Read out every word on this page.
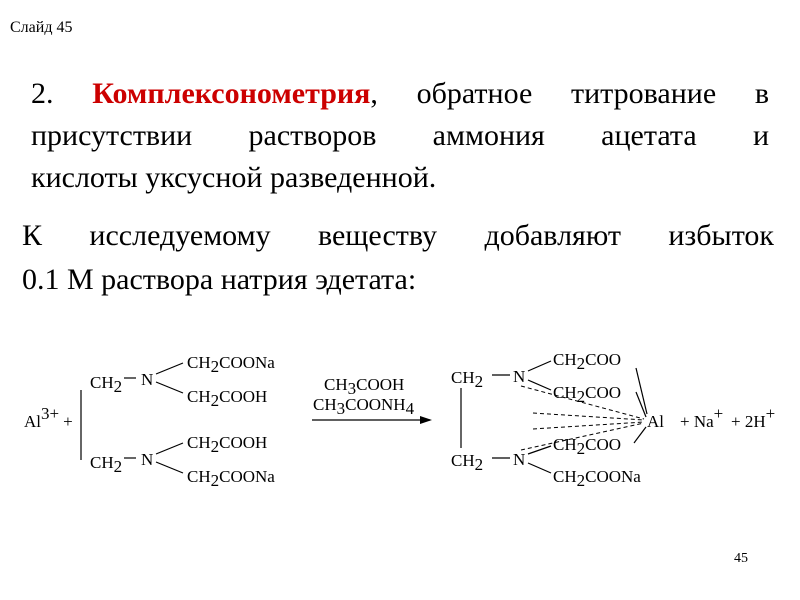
Слайд 45

2. Комплексонометрия, обратное титрование в
присутствии растворов аммония ацетата и
кислоты уксусной разведенной.

К исследуемому веществу добавляют избыток
0.1 М раствора натрия эдетата:

Al3+ +
CH2 N
CH2COONa
CH2COOH
CH2 N
CH2COOH
CH2COONa
CH3COOH
CH3COONH4
CH2 N
CH2COO
CH2COO
CH2 N
CH2COO
CH2COONa
Al + Na+ + 2H+
45
